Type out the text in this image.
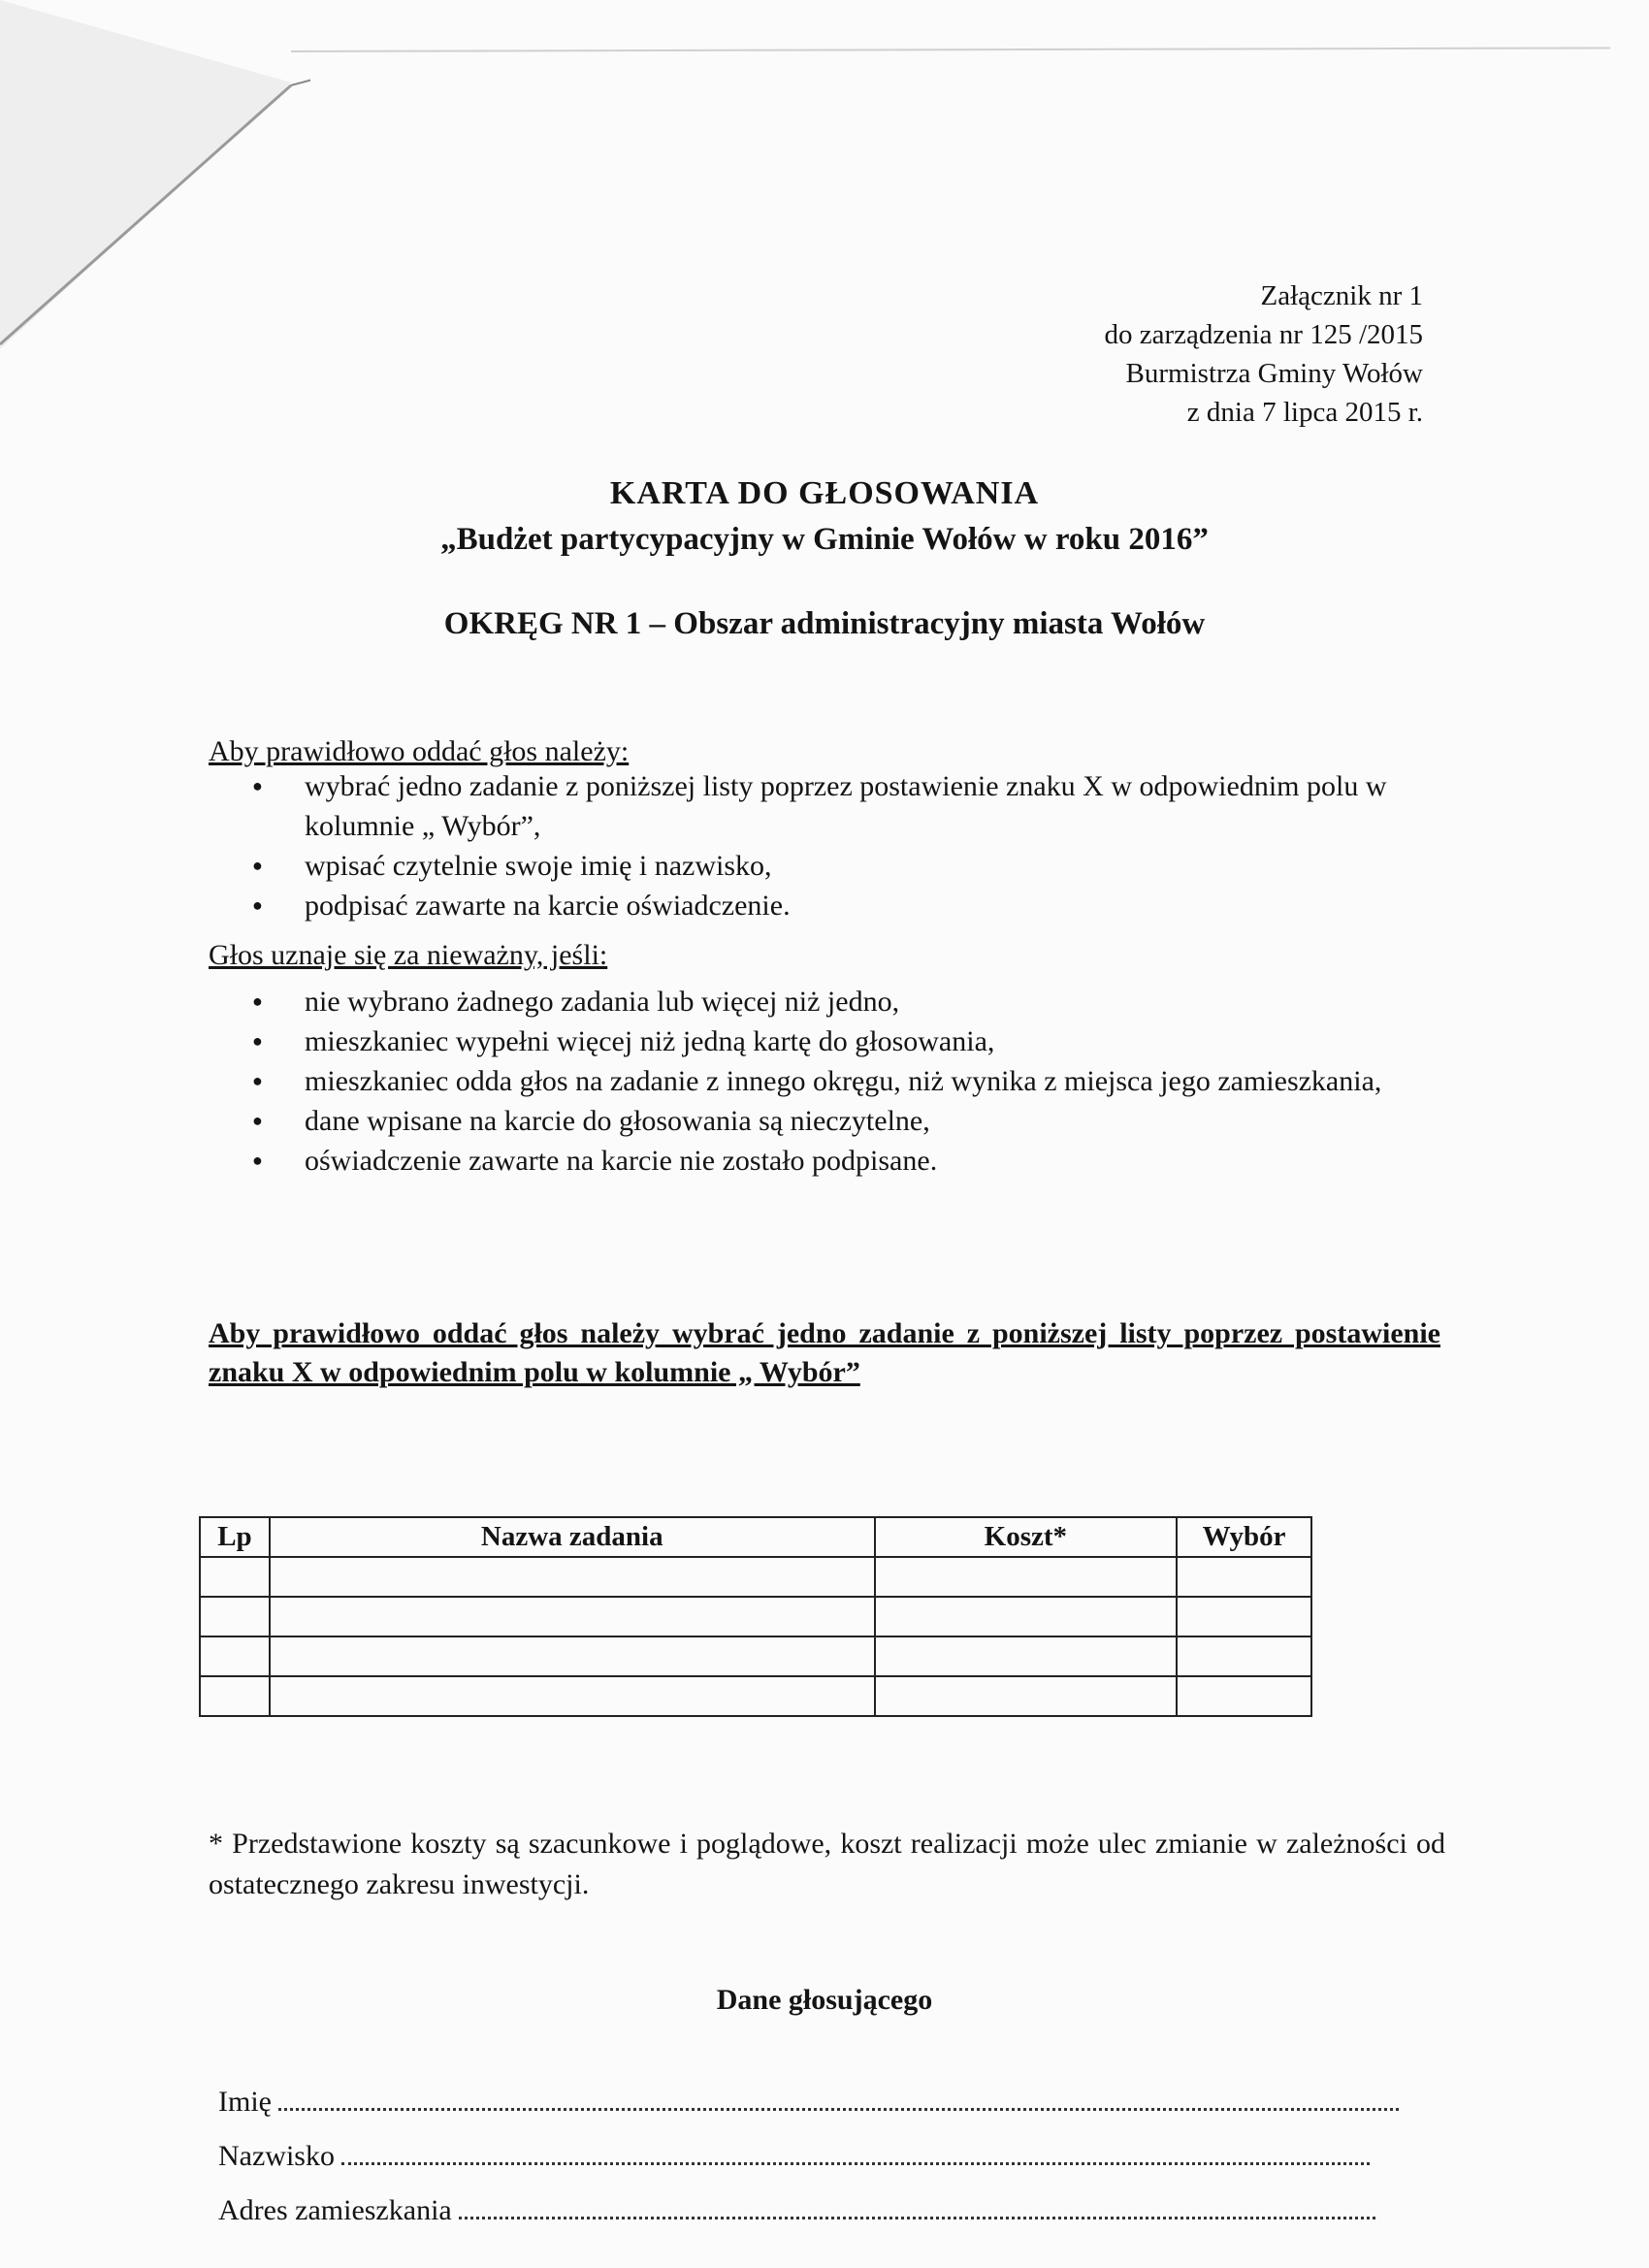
Załącznik nr 1
do zarządzenia nr 125 /2015
Burmistrza Gminy Wołów
z dnia 7 lipca 2015 r.
KARTA DO GŁOSOWANIA
„Budżet partycypacyjny w Gminie Wołów w roku 2016”
OKRĘG NR 1 – Obszar administracyjny miasta Wołów
Aby prawidłowo oddać głos należy:
● wybrać jedno zadanie z poniższej listy poprzez postawienie znaku X w odpowiednim polu w kolumnie „ Wybór”,
● wpisać czytelnie swoje imię i nazwisko,
● podpisać zawarte na karcie oświadczenie.
Głos uznaje się za nieważny, jeśli:
● nie wybrano żadnego zadania lub więcej niż jedno,
● mieszkaniec wypełni więcej niż jedną kartę do głosowania,
● mieszkaniec odda głos na zadanie z innego okręgu, niż wynika z miejsca jego zamieszkania,
● dane wpisane na karcie do głosowania są nieczytelne,
● oświadczenie zawarte na karcie nie zostało podpisane.
Aby prawidłowo oddać głos należy wybrać jedno zadanie z poniższej listy poprzez postawienie znaku X w odpowiednim polu w kolumnie „ Wybór”
Lp	Nazwa zadania	Koszt*	Wybór

* Przedstawione koszty są szacunkowe i poglądowe, koszt realizacji może ulec zmianie w zależności od ostatecznego zakresu inwestycji.
Dane głosującego
Imię
Nazwisko
Adres zamieszkania
